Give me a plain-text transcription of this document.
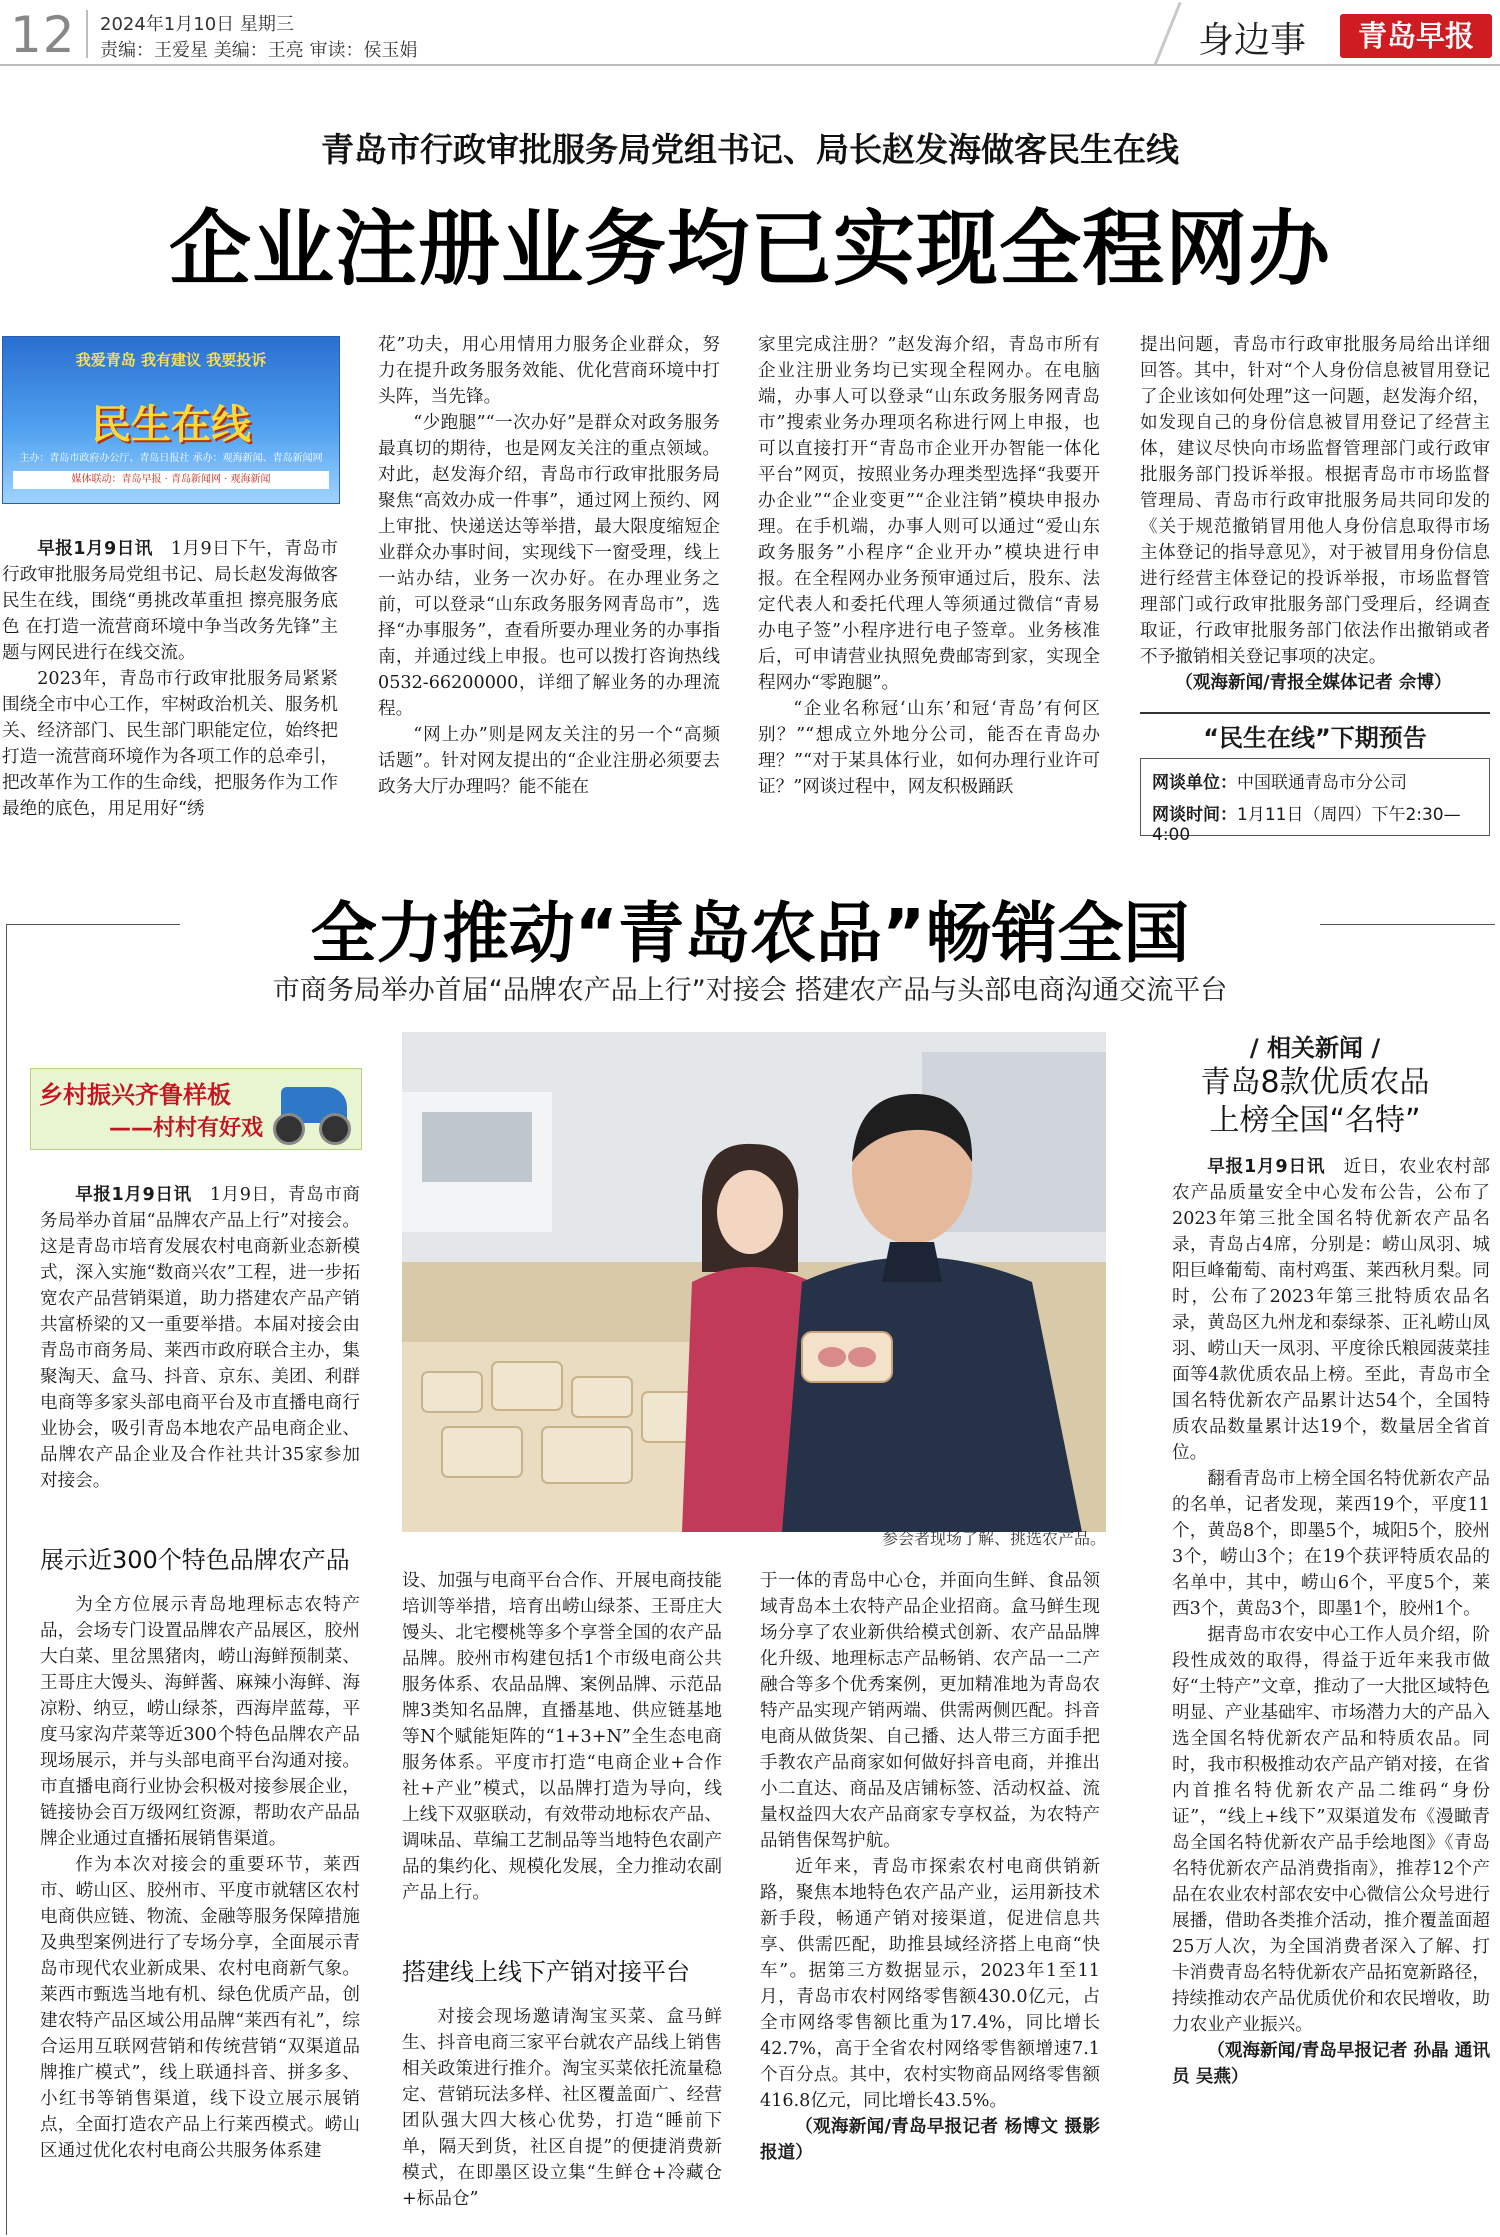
12 2024年1月10日 星期三
责编：王爱星 美编：王亮 审读：侯玉娟	身边事	青岛早报
青岛市行政审批服务局党组书记、局长赵发海做客民生在线
企业注册业务均已实现全程网办
我爱青岛 我有建议 我要投诉
民生在线
主办：青岛市政府办公厅、青岛日报社 承办：观海新闻、青岛新闻网
媒体联动：青岛早报 · 青岛新闻网 · 观海新闻

早报1月9日讯　 1月9日下午，青岛市行政审批服务局党组书记、局长赵发海做客民生在线，围绕“勇挑改革重担 擦亮服务底色 在打造一流营商环境中争当改务先锋”主题与网民进行在线交流。

2023年，青岛市行政审批服务局紧紧围绕全市中心工作，牢树政治机关、服务机关、经济部门、民生部门职能定位，始终把打造一流营商环境作为各项工作的总牵引，把改革作为工作的生命线，把服务作为工作最绝的底色，用足用好“绣

花”功夫，用心用情用力服务企业群众，努力在提升政务服务效能、优化营商环境中打头阵，当先锋。

“少跑腿”“一次办好”是群众对政务服务最真切的期待，也是网友关注的重点领域。对此，赵发海介绍，青岛市行政审批服务局聚焦“高效办成一件事”，通过网上预约、网上审批、快递送达等举措，最大限度缩短企业群众办事时间，实现线下一窗受理，线上一站办结，业务一次办好。在办理业务之前，可以登录“山东政务服务网青岛市”，选择“办事服务”，查看所要办理业务的办事指南，并通过线上申报。也可以拨打咨询热线0532-66200000，详细了解业务的办理流程。

“网上办”则是网友关注的另一个“高频话题”。针对网友提出的“企业注册必须要去政务大厅办理吗？能不能在

家里完成注册？”赵发海介绍，青岛市所有企业注册业务均已实现全程网办。在电脑端，办事人可以登录“山东政务服务网青岛市”搜索业务办理项名称进行网上申报，也可以直接打开“青岛市企业开办智能一体化平台”网页，按照业务办理类型选择“我要开办企业”“企业变更”“企业注销”模块申报办理。在手机端，办事人则可以通过“爱山东政务服务”小程序“企业开办”模块进行申报。在全程网办业务预审通过后，股东、法定代表人和委托代理人等须通过微信“青易办电子签”小程序进行电子签章。业务核准后，可申请营业执照免费邮寄到家，实现全程网办“零跑腿”。

“企业名称冠‘山东’和冠‘青岛’有何区别？”“想成立外地分公司，能否在青岛办理？”“对于某具体行业，如何办理行业许可证？”网谈过程中，网友积极踊跃

提出问题，青岛市行政审批服务局给出详细回答。其中，针对“个人身份信息被冒用登记了企业该如何处理”这一问题，赵发海介绍，如发现自己的身份信息被冒用登记了经营主体，建议尽快向市场监督管理部门或行政审批服务部门投诉举报。根据青岛市市场监督管理局、青岛市行政审批服务局共同印发的《关于规范撤销冒用他人身份信息取得市场主体登记的指导意见》，对于被冒用身份信息进行经营主体登记的投诉举报，市场监督管理部门或行政审批服务部门受理后，经调查取证，行政审批服务部门依法作出撤销或者不予撤销相关登记事项的决定。

（观海新闻/青报全媒体记者 佘博）

“民生在线”下期预告
网谈单位：中国联通青岛市分公司
网谈时间：1月11日（周四）下午2:30—4:00
全力推动“青岛农品”畅销全国
市商务局举办首届“品牌农产品上行”对接会 搭建农产品与头部电商沟通交流平台
乡村振兴齐鲁样板
——村村有好戏
参会者现场了解、挑选农产品。

早报1月9日讯　 1月9日，青岛市商务局举办首届“品牌农产品上行”对接会。这是青岛市培育发展农村电商新业态新模式，深入实施“数商兴农”工程，进一步拓宽农产品营销渠道，助力搭建农产品产销共富桥梁的又一重要举措。本届对接会由青岛市商务局、莱西市政府联合主办，集聚淘天、盒马、抖音、京东、美团、利群电商等多家头部电商平台及市直播电商行业协会，吸引青岛本地农产品电商企业、品牌农产品企业及合作社共计35家参加对接会。

展示近300个特色品牌农产品

为全方位展示青岛地理标志农特产品，会场专门设置品牌农产品展区，胶州大白菜、里岔黑猪肉，崂山海鲜预制菜、王哥庄大馒头、海鲜酱、麻辣小海鲜、海凉粉、纳豆，崂山绿茶，西海岸蓝莓，平度马家沟芹菜等近300个特色品牌农产品现场展示，并与头部电商平台沟通对接。市直播电商行业协会积极对接参展企业，链接协会百万级网红资源，帮助农产品品牌企业通过直播拓展销售渠道。

作为本次对接会的重要环节，莱西市、崂山区、胶州市、平度市就辖区农村电商供应链、物流、金融等服务保障措施及典型案例进行了专场分享，全面展示青岛市现代农业新成果、农村电商新气象。莱西市甄选当地有机、绿色优质产品，创建农特产品区域公用品牌“莱西有礼”，综合运用互联网营销和传统营销“双渠道品牌推广模式”，线上联通抖音、拼多多、小红书等销售渠道，线下设立展示展销点，全面打造农产品上行莱西模式。崂山区通过优化农村电商公共服务体系建

设、加强与电商平台合作、开展电商技能培训等举措，培育出崂山绿茶、王哥庄大馒头、北宅樱桃等多个享誉全国的农产品品牌。胶州市构建包括1个市级电商公共服务体系、农品品牌、案例品牌、示范品牌3类知名品牌，直播基地、供应链基地等N个赋能矩阵的“1+3+N”全生态电商服务体系。平度市打造“电商企业+合作社+产业”模式，以品牌打造为导向，线上线下双驱联动，有效带动地标农产品、调味品、草编工艺制品等当地特色农副产品的集约化、规模化发展，全力推动农副产品上行。

搭建线上线下产销对接平台

对接会现场邀请淘宝买菜、盒马鲜生、抖音电商三家平台就农产品线上销售相关政策进行推介。淘宝买菜依托流量稳定、营销玩法多样、社区覆盖面广、经营团队强大四大核心优势，打造“睡前下单，隔天到货，社区自提”的便捷消费新模式，在即墨区设立集“生鲜仓+冷藏仓+标品仓”

于一体的青岛中心仓，并面向生鲜、食品领域青岛本土农特产品企业招商。盒马鲜生现场分享了农业新供给模式创新、农产品品牌化升级、地理标志产品畅销、农产品一二产融合等多个优秀案例，更加精准地为青岛农特产品实现产销两端、供需两侧匹配。抖音电商从做货架、自己播、达人带三方面手把手教农产品商家如何做好抖音电商，并推出小二直达、商品及店铺标签、活动权益、流量权益四大农产品商家专享权益，为农特产品销售保驾护航。

近年来，青岛市探索农村电商供销新路，聚焦本地特色农产品产业，运用新技术新手段，畅通产销对接渠道，促进信息共享、供需匹配，助推县域经济搭上电商“快车”。据第三方数据显示，2023年1至11月，青岛市农村网络零售额430.0亿元，占全市网络零售额比重为17.4%，同比增长42.7%，高于全省农村网络零售额增速7.1个百分点。其中，农村实物商品网络零售额416.8亿元，同比增长43.5%。

（观海新闻/青岛早报记者 杨博文 摄影报道）

/ 相关新闻 /
青岛8款优质农品
上榜全国“名特”

早报1月9日讯　 近日，农业农村部农产品质量安全中心发布公告，公布了2023年第三批全国名特优新农产品名录，青岛占4席，分别是：崂山凤羽、城阳巨峰葡萄、南村鸡蛋、莱西秋月梨。同时，公布了2023年第三批特质农品名录，黄岛区九州龙和泰绿茶、正礼崂山凤羽、崂山天一凤羽、平度徐氏粮园菠菜挂面等4款优质农品上榜。至此，青岛市全国名特优新农产品累计达54个，全国特质农品数量累计达19个，数量居全省首位。

翻看青岛市上榜全国名特优新农产品的名单，记者发现，莱西19个，平度11个，黄岛8个，即墨5个，城阳5个，胶州3个，崂山3个；在19个获评特质农品的名单中，其中，崂山6个，平度5个，莱西3个，黄岛3个，即墨1个，胶州1个。

据青岛市农安中心工作人员介绍，阶段性成效的取得，得益于近年来我市做好“土特产”文章，推动了一大批区域特色明显、产业基础牢、市场潜力大的产品入选全国名特优新农产品和特质农品。同时，我市积极推动农产品产销对接，在省内首推名特优新农产品二维码“身份证”，“线上+线下”双渠道发布《漫瞰青岛全国名特优新农产品手绘地图》《青岛名特优新农产品消费指南》，推荐12个产品在农业农村部农安中心微信公众号进行展播，借助各类推介活动，推介覆盖面超25万人次，为全国消费者深入了解、打卡消费青岛名特优新农产品拓宽新路径，持续推动农产品优质优价和农民增收，助力农业产业振兴。

（观海新闻/青岛早报记者 孙晶 通讯员 吴燕）
